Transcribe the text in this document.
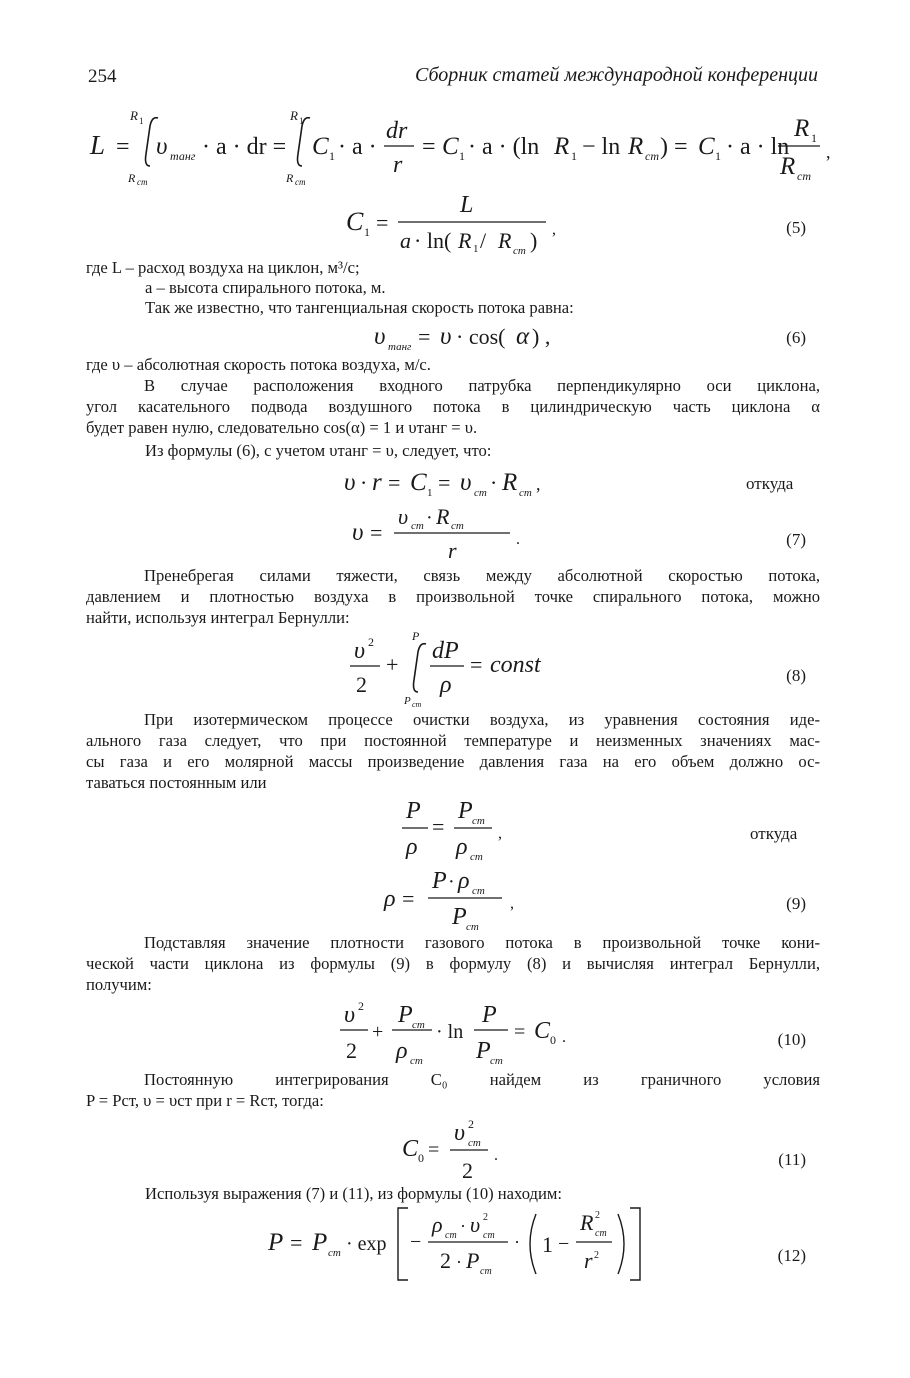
254	Сборник статей международной конференции
L =
R 1
R ст
υ танг · a · dr =
R 1
R ст
C 1 · a ·
dr
r
= C 1 · a · (ln R 1 − ln R ст ) = C 1 · a · ln
R 1
R ст
,
C 1 =
L
a · ln( R 1 / R ст ) ,	(5)
где L – расход воздуха на циклон, м³/с;
a – высота спирального потока, м.
Так же известно, что тангенциальная скорость потока равна:
υ танг = υ · cos( α ) ,	(6)
где υ – абсолютная скорость потока воздуха, м/с.
В случае расположения входного патрубка перпендикулярно оси циклона,
угол касательного подвода воздушного потока в цилиндрическую часть циклона α
будет равен нулю, следовательно cos(α) = 1 и υтанг = υ.
Из формулы (6), с учетом υтанг = υ, следует, что:
υ · r = C 1 = υ ст · R ст ,	откуда
υ =
υ ст · R ст
r	.	(7)
Пренебрегая силами тяжести, связь между абсолютной скоростью потока,
давлением и плотностью воздуха в произвольной точке спирального потока, можно
найти, используя интеграл Бернулли:
υ 2
2
+
P
P ст
dP
ρ
= const	(8)
При изотермическом процессе очистки воздуха, из уравнения состояния иде-
ального газа следует, что при постоянной температуре и неизменных значениях мас-
сы газа и его молярной массы произведение давления газа на его объем должно ос-
таваться постоянным или
P
ρ
=
P ст
ρ ст
,	откуда
ρ =
P · ρ ст
P ст
,	(9)
Подставляя значение плотности газового потока в произвольной точке кони-
ческой части циклона из формулы (9) в формулу (8) и вычисляя интеграл Бернулли,
получим:
υ 2
2
+
P ст
ρ ст
· ln
P
P ст
= C 0 .	(10)
Постоянную интегрирования C₀ найдем из граничного условия
P = Pст, υ = υст при r = Rст, тогда:
C 0 =
υ 2
ст
2
.	(11)
Используя выражения (7) и (11), из формулы (10) находим:
P = P ст · exp −
ρ ст · υ 2
ст
2 · P ст
· 1 −
R 2
ст
r 2	(12)
